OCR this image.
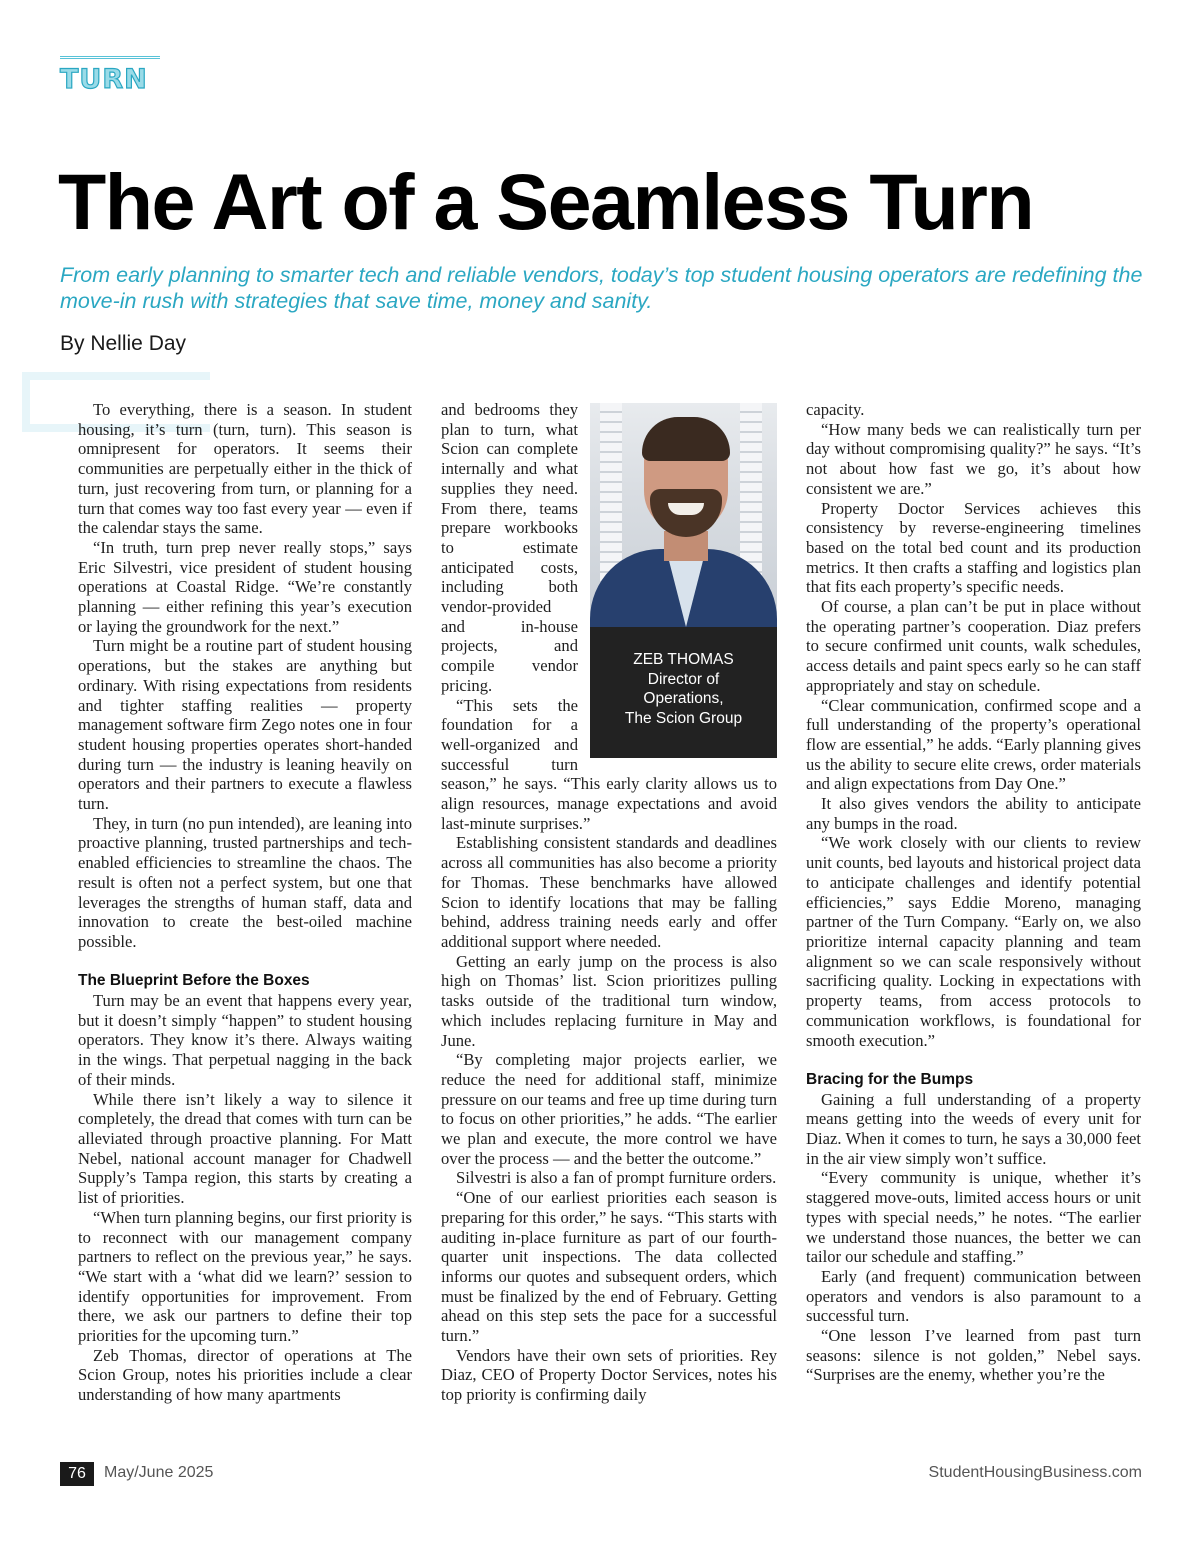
TURN
The Art of a Seamless Turn
From early planning to smarter tech and reliable vendors, today’s top student housing operators are redefining the move-in rush with strategies that save time, money and sanity.
By Nellie Day

To everything, there is a season. In student housing, it’s turn (turn, turn). This season is omnipresent for operators. It seems their communities are perpetually either in the thick of turn, just recovering from turn, or planning for a turn that comes way too fast every year — even if the calendar stays the same.

“In truth, turn prep never really stops,” says Eric Silvestri, vice president of student housing operations at Coastal Ridge. “We’re constantly planning — either refining this year’s execution or laying the groundwork for the next.”

Turn might be a routine part of student housing operations, but the stakes are anything but ordinary. With rising expectations from residents and tighter staffing realities — property management software firm Zego notes one in four student housing properties operates short-handed during turn — the industry is leaning heavily on operators and their partners to execute a flawless turn.

They, in turn (no pun intended), are leaning into proactive planning, trusted partnerships and tech-enabled efficiencies to streamline the chaos. The result is often not a perfect system, but one that leverages the strengths of human staff, data and innovation to create the best-oiled machine possible.

The Blueprint Before the Boxes

Turn may be an event that happens every year, but it doesn’t simply “happen” to student housing operators. They know it’s there. Always waiting in the wings. That perpetual nagging in the back of their minds.

While there isn’t likely a way to silence it completely, the dread that comes with turn can be alleviated through proactive planning. For Matt Nebel, national account manager for Chadwell Supply’s Tampa region, this starts by creating a list of priorities.

“When turn planning begins, our first priority is to reconnect with our management company partners to reflect on the previous year,” he says. “We start with a ‘what did we learn?’ session to identify opportunities for improvement. From there, we ask our partners to define their top priorities for the upcoming turn.”

Zeb Thomas, director of operations at The Scion Group, notes his priorities include a clear understanding of how many apartments

ZEB THOMAS
Director of
Operations,
The Scion Group

and bedrooms they plan to turn, what Scion can complete internally and what supplies they need. From there, teams prepare workbooks to estimate anticipated costs, including both vendor-provided and in-house projects, and compile vendor pricing.

“This sets the foundation for a well-organized and successful turn season,” he says. “This early clarity allows us to align resources, manage expectations and avoid last-minute surprises.”

Establishing consistent standards and deadlines across all communities has also become a priority for Thomas. These benchmarks have allowed Scion to identify locations that may be falling behind, address training needs early and offer additional support where needed.

Getting an early jump on the process is also high on Thomas’ list. Scion prioritizes pulling tasks outside of the traditional turn window, which includes replacing furniture in May and June.

“By completing major projects earlier, we reduce the need for additional staff, minimize pressure on our teams and free up time during turn to focus on other priorities,” he adds. “The earlier we plan and execute, the more control we have over the process — and the better the outcome.”

Silvestri is also a fan of prompt furniture orders.

“One of our earliest priorities each season is preparing for this order,” he says. “This starts with auditing in-place furniture as part of our fourth-quarter unit inspections. The data collected informs our quotes and subsequent orders, which must be finalized by the end of February. Getting ahead on this step sets the pace for a successful turn.”

Vendors have their own sets of priorities. Rey Diaz, CEO of Property Doctor Services, notes his top priority is confirming daily

capacity.

“How many beds we can realistically turn per day without compromising quality?” he says. “It’s not about how fast we go, it’s about how consistent we are.”

Property Doctor Services achieves this consistency by reverse-engineering timelines based on the total bed count and its production metrics. It then crafts a staffing and logistics plan that fits each property’s specific needs.

Of course, a plan can’t be put in place without the operating partner’s cooperation. Diaz prefers to secure confirmed unit counts, walk schedules, access details and paint specs early so he can staff appropriately and stay on schedule.

“Clear communication, confirmed scope and a full understanding of the property’s operational flow are essential,” he adds. “Early planning gives us the ability to secure elite crews, order materials and align expectations from Day One.”

It also gives vendors the ability to anticipate any bumps in the road.

“We work closely with our clients to review unit counts, bed layouts and historical project data to anticipate challenges and identify potential efficiencies,” says Eddie Moreno, managing partner of the Turn Company. “Early on, we also prioritize internal capacity planning and team alignment so we can scale responsively without sacrificing quality. Locking in expectations with property teams, from access protocols to communication workflows, is foundational for smooth execution.”

Bracing for the Bumps

Gaining a full understanding of a property means getting into the weeds of every unit for Diaz. When it comes to turn, he says a 30,000 feet in the air view simply won’t suffice.

“Every community is unique, whether it’s staggered move-outs, limited access hours or unit types with special needs,” he notes. “The earlier we understand those nuances, the better we can tailor our schedule and staffing.”

Early (and frequent) communication between operators and vendors is also paramount to a successful turn.

“One lesson I’ve learned from past turn seasons: silence is not golden,” Nebel says. “Surprises are the enemy, whether you’re the

76	May/June 2025	StudentHousingBusiness.com
